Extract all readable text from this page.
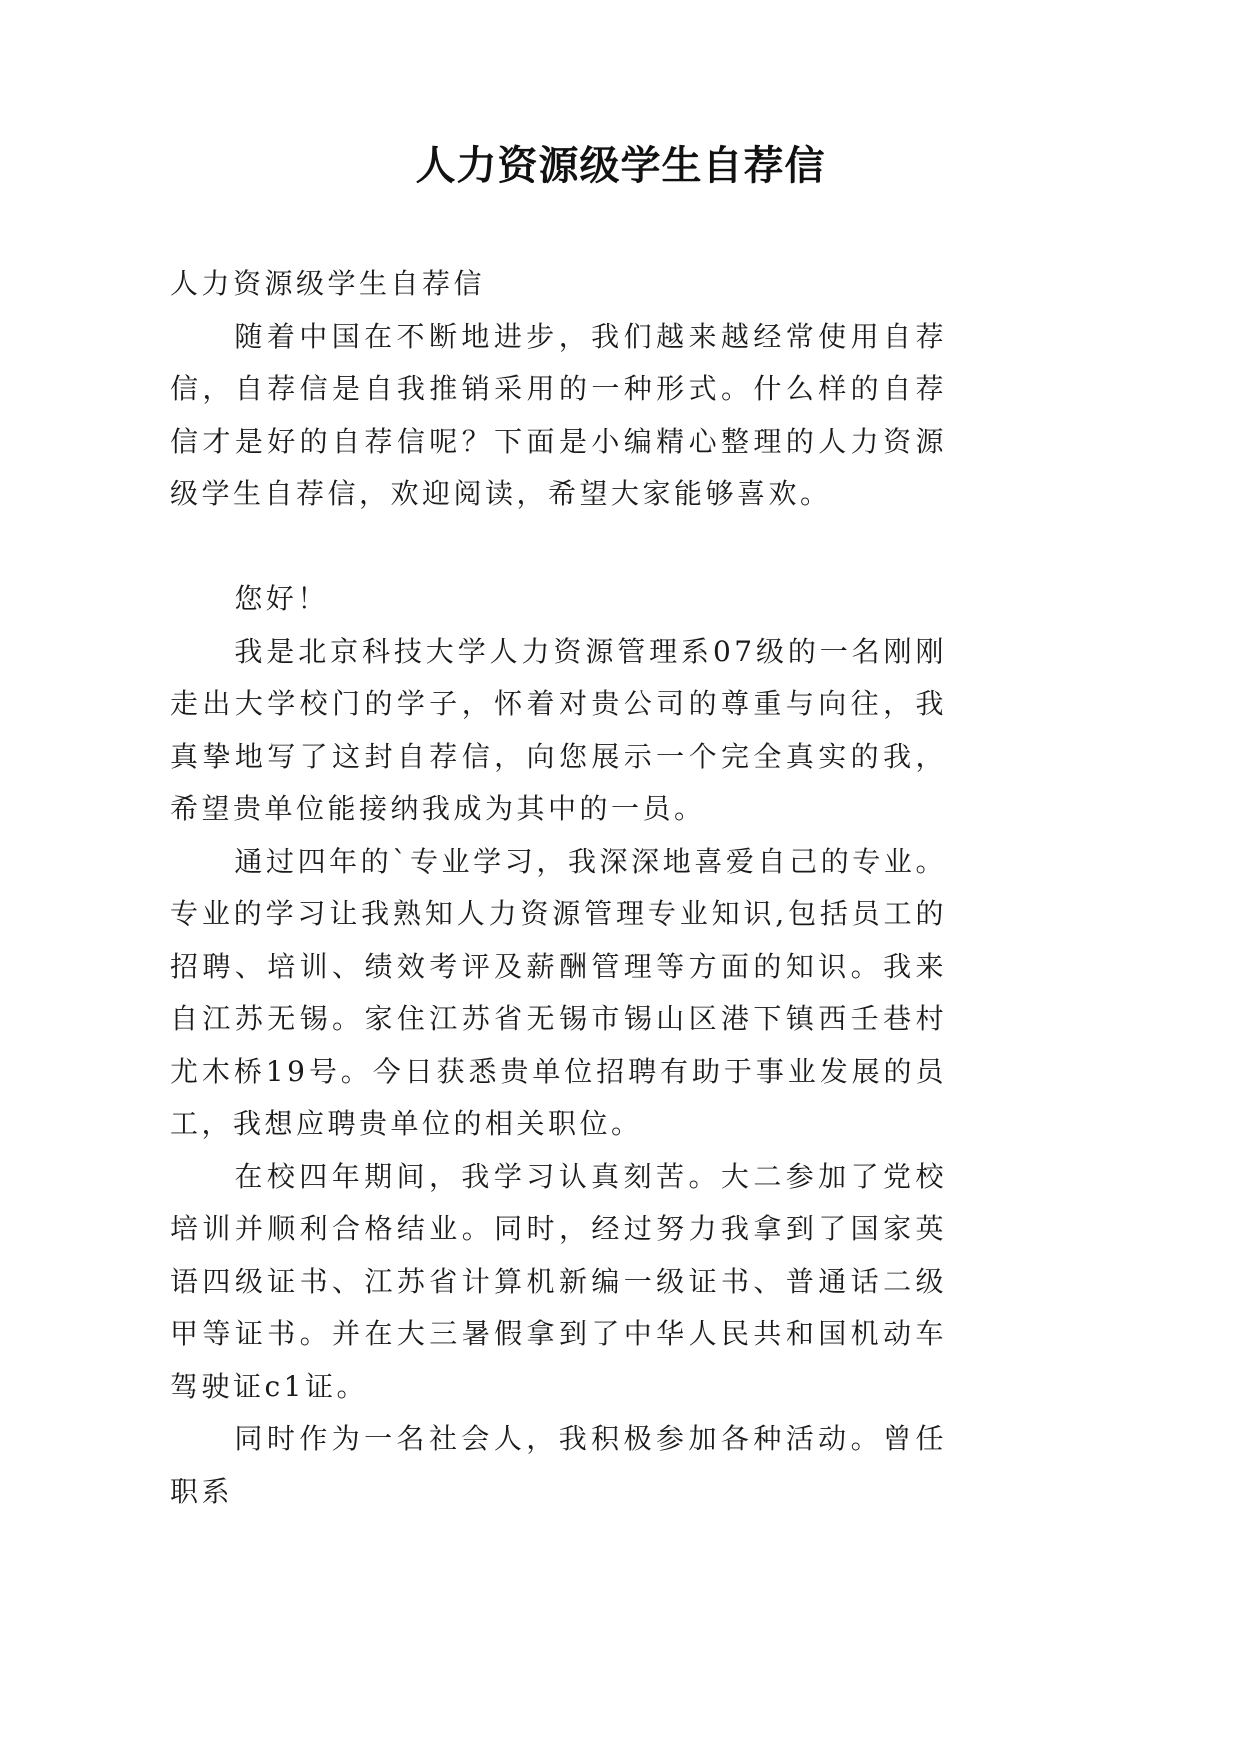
人力资源级学生自荐信

人力资源级学生自荐信

随着中国在不断地进步，我们越来越经常使用自荐信，自荐信是自我推销采用的一种形式。什么样的自荐信才是好的自荐信呢？下面是小编精心整理的人力资源级学生自荐信，欢迎阅读，希望大家能够喜欢。

您好！

我是北京科技大学人力资源管理系07级的一名刚刚走出大学校门的学子，怀着对贵公司的尊重与向往，我真挚地写了这封自荐信，向您展示一个完全真实的我，希望贵单位能接纳我成为其中的一员。

通过四年的`专业学习，我深深地喜爱自己的专业。专业的学习让我熟知人力资源管理专业知识,包括员工的招聘、培训、绩效考评及薪酬管理等方面的知识。我来自江苏无锡。家住江苏省无锡市锡山区港下镇西壬巷村尤木桥19号。今日获悉贵单位招聘有助于事业发展的员工，我想应聘贵单位的相关职位。

在校四年期间，我学习认真刻苦。大二参加了党校培训并顺利合格结业。同时，经过努力我拿到了国家英语四级证书、江苏省计算机新编一级证书、普通话二级甲等证书。并在大三暑假拿到了中华人民共和国机动车驾驶证c1证。

同时作为一名社会人，我积极参加各种活动。曾任职系
